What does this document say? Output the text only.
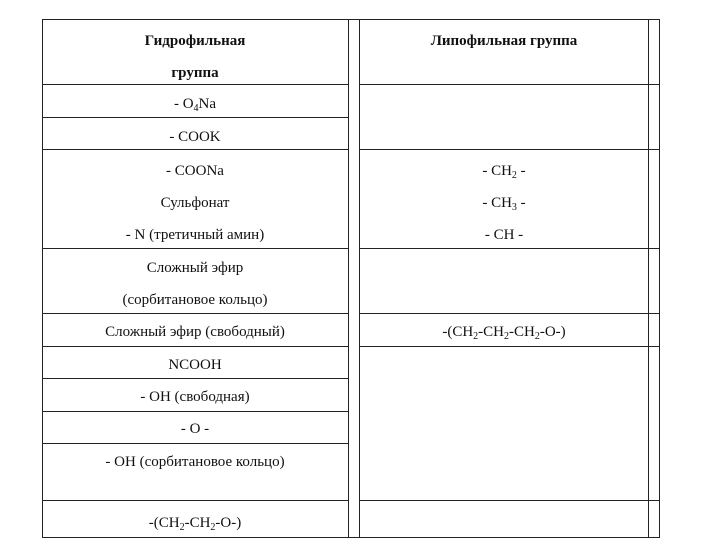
Гидрофильная
группа
Липофильная группа
- $O_4Na$
- COOK
- COONa
Сульфонат
- N (третичный амин)
Сложный эфир
(сорбитановое кольцо)
Сложный эфир (свободный)
NCOOH
- OH (свободная)
- O -
- OH (сорбитановое кольцо)
$-(CH_2-CH_2-O-)$
- $CH_2$ -
- $CH_3$ -
- CH -
$-(CH_2-CH_2-CH_2-O-)$
